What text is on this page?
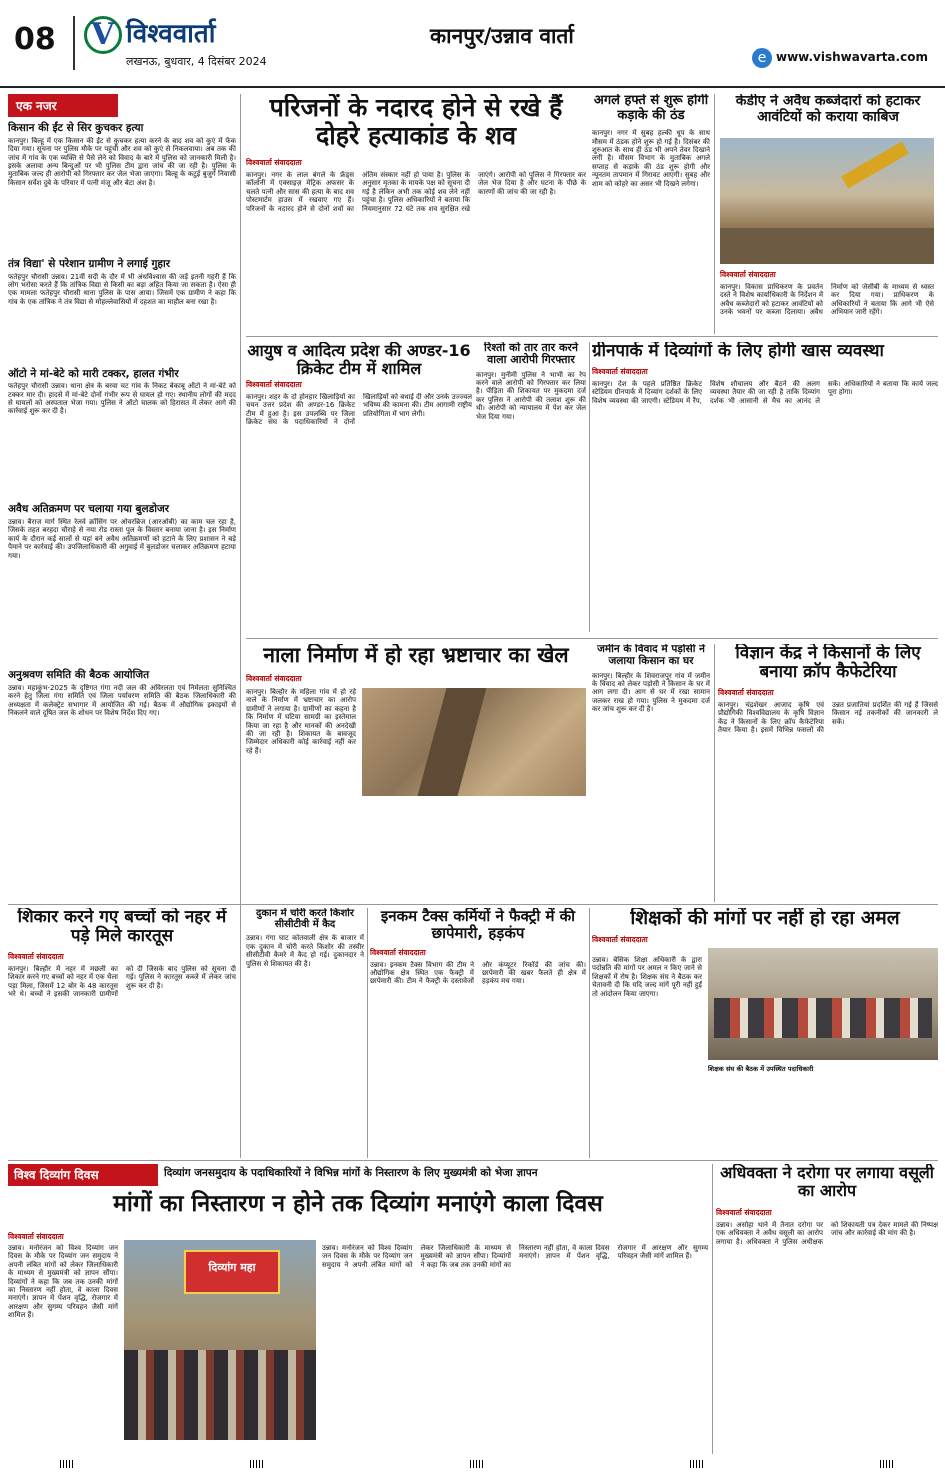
08 V विश्ववार्ता
लखनऊ, बुधवार, 4 दिसंबर 2024
कानपुर/उन्नाव वार्ता
e www.vishwavarta.com
एक नजर
किसान की ईंट से सिर कुचकर हत्या
कानपुर। बिल्हू में एक किसान की ईंट से कुचकर हत्या करने के बाद शव को कुएं में फेंक दिया गया। सूचना पर पुलिस मौके पर पहुंची और शव को कुएं से निकलवाया। अब तक की जांच में गांव के एक व्यक्ति से पैसे लेने को विवाद के बारे में पुलिस को जानकारी मिली है। इसके अलावा अन्य बिन्दुओं पर भी पुलिस टीम द्वारा जांच की जा रही है। पुलिस के मुताबिक जल्द ही आरोपी को गिरफ्तार कर जेल भेजा जाएगा। बिल्हू के कटुई बुजुर्ग निवासी किसान सर्वेश दुबे के परिवार में पत्नी मंजू और बेटा अंश है।
तंत्र विद्या' से परेशान ग्रामीण ने लगाई गुहार
फतेहपुर चौरासी उन्नाव। 21वीं सदी के दौर में भी अंधविश्वास की जड़ें इतनी गहरी हैं कि लोग भरोसा करते हैं कि तांत्रिक विद्या से किसी का बड़ा अहित किया जा सकता है। ऐसा ही एक मामला फतेहपुर चौरासी थाना पुलिस के पास आया। जिसमें एक ग्रामीण ने कहा कि गांव के एक तांत्रिक ने तंत्र विद्या से मोहल्लेवासियों में दहशत का माहौल बना रखा है।
ऑटो ने मां-बेटे को मारी टक्कर, हालत गंभीर
फतेहपुर चौरासी उन्नाव। थाना क्षेत्र के बरवा चट गांव के निकट बेकाबू ऑटो ने मां-बेटे को टक्कर मार दी। हादसे में मां-बेटे दोनों गंभीर रूप से घायल हो गए। स्थानीय लोगों की मदद से घायलों को अस्पताल भेजा गया। पुलिस ने ऑटो चालक को हिरासत में लेकर आगे की कार्रवाई शुरू कर दी है।
अवैध अतिक्रमण पर चलाया गया बुलडोजर
उन्नाव। बैराज मार्ग स्थित रेलवे क्रॉसिंग पर ओवरब्रिज (आरओबी) का काम चल रहा है, जिसके तहत बरहदा चौराहे से नया रोड रास्ता पुल के विस्तार बनाया जाना है। इस निर्माण कार्य के दौरान कई सालों से यहां बने अवैध अतिक्रमणों को हटाने के लिए प्रशासन ने बड़े पैमाने पर कार्रवाई की। उपजिलाधिकारी की अगुवाई में बुलडोजर चलाकर अतिक्रमण हटाया गया।
अनुश्रवण समिति की बैठक आयोजित
उन्नाव। महाकुंभ-2025 के दृष्टिगत गंगा नदी जल की अविरलता एवं निर्मलता सुनिश्चित करने हेतु जिला गंगा समिति एवं जिला पर्यावरण समिति की बैठक जिलाधिकारी की अध्यक्षता में कलेक्ट्रेट सभागार में आयोजित की गई। बैठक में औद्योगिक इकाइयों से निकलने वाले दूषित जल के शोधन पर विशेष निर्देश दिए गए।
परिजनों के नदारद होने से रखे हैं दोहरे हत्याकांड के शव
विश्ववार्ता संवाददाता
कानपुर। नगर के लाल बंगले के फ्रेंड्स कॉलोनी में एक्साइज़ मेट्रिक अफसर के चलते पत्नी और सास की हत्या के बाद शव पोस्टमार्टम हाउस में रखवाए गए हैं। परिजनों के नदारद होने से दोनों शवों का अंतिम संस्कार नहीं हो पाया है। पुलिस के अनुसार मृतका के मायके पक्ष को सूचना दी गई है लेकिन अभी तक कोई शव लेने नहीं पहुंचा है। पुलिस अधिकारियों ने बताया कि नियमानुसार 72 घंटे तक शव सुरक्षित रखे जाएंगे। आरोपी को पुलिस ने गिरफ्तार कर जेल भेज दिया है और घटना के पीछे के कारणों की जांच की जा रही है।
अगले हफ्ते से शुरू होगी कड़ाके की ठंड
कानपुर। नगर में सुबह हल्की धूप के साथ मौसम में ठंडक होने शुरू हो गई है। दिसंबर की शुरुआत के साथ ही ठंड भी अपने तेवर दिखाने लगी है। मौसम विभाग के मुताबिक अगले सप्ताह से कड़ाके की ठंड शुरू होगी और न्यूनतम तापमान में गिरावट आएगी। सुबह और शाम को कोहरे का असर भी दिखने लगेगा।
केडीए ने अवैध कब्जेदारों को हटाकर आवंटियों को कराया काबिज
विश्ववार्ता संवाददाता
कानपुर। विकास प्राधिकरण के प्रवर्तन दस्ते ने विशेष कार्याधिकारी के निर्देशन में अवैध कब्जेदारों को हटाकर आवंटियों को उनके भवनों पर कब्जा दिलाया। अवैध निर्माण को जेसीबी के माध्यम से ध्वस्त कर दिया गया। प्राधिकरण के अधिकारियों ने बताया कि आगे भी ऐसे अभियान जारी रहेंगे।
आयुष व आदित्य प्रदेश की अण्डर-16 क्रिकेट टीम में शामिल
विश्ववार्ता संवाददाता
कानपुर। शहर के दो होनहार खिलाड़ियों का चयन उत्तर प्रदेश की अण्डर-16 क्रिकेट टीम में हुआ है। इस उपलब्धि पर जिला क्रिकेट संघ के पदाधिकारियों ने दोनों खिलाड़ियों को बधाई दी और उनके उज्ज्वल भविष्य की कामना की। टीम आगामी राष्ट्रीय प्रतियोगिता में भाग लेगी।
रिश्तो को तार तार करने वाला आरोपी गिरफ्तार
कानपुर। मुनीमी पुलिस ने भाभी का रेप करने वाले आरोपी को गिरफ्तार कर लिया है। पीड़िता की शिकायत पर मुकदमा दर्ज कर पुलिस ने आरोपी की तलाश शुरू की थी। आरोपी को न्यायालय में पेश कर जेल भेज दिया गया।
ग्रीनपार्क में दिव्यांगों के लिए होगी खास व्यवस्था
विश्ववार्ता संवाददाता
कानपुर। देश के पहले प्रतिष्ठित क्रिकेट स्टेडियम ग्रीनपार्क में दिव्यांग दर्शकों के लिए विशेष व्यवस्था की जाएगी। स्टेडियम में रैंप, विशेष शौचालय और बैठने की अलग व्यवस्था तैयार की जा रही है ताकि दिव्यांग दर्शक भी आसानी से मैच का आनंद ले सकें। अधिकारियों ने बताया कि कार्य जल्द पूरा होगा।
नाला निर्माण में हो रहा भ्रष्टाचार का खेल
विश्ववार्ता संवाददाता
कानपुर। बिल्हौर के महिला गांव में हो रहे नाले के निर्माण में भ्रष्टाचार का आरोप ग्रामीणों ने लगाया है। ग्रामीणों का कहना है कि निर्माण में घटिया सामग्री का इस्तेमाल किया जा रहा है और मानकों की अनदेखी की जा रही है। शिकायत के बावजूद जिम्मेदार अधिकारी कोई कार्रवाई नहीं कर रहे हैं।
जमीन के विवाद में पड़ोसी ने जलाया किसान का घर
कानपुर। बिल्हौर के शिवराजपुर गांव में जमीन के विवाद को लेकर पड़ोसी ने किसान के घर में आग लगा दी। आग से घर में रखा सामान जलकर राख हो गया। पुलिस ने मुकदमा दर्ज कर जांच शुरू कर दी है।
विज्ञान केंद्र ने किसानों के लिए बनाया क्रॉप कैफेटेरिया
विश्ववार्ता संवाददाता
कानपुर। चंद्रशेखर आजाद कृषि एवं प्रौद्योगिकी विश्वविद्यालय के कृषि विज्ञान केंद्र ने किसानों के लिए क्रॉप कैफेटेरिया तैयार किया है। इसमें विभिन्न फसलों की उन्नत प्रजातियां प्रदर्शित की गई हैं जिससे किसान नई तकनीकों की जानकारी ले सकें।
शिकार करने गए बच्चों को नहर में पड़े मिले कारतूस
विश्ववार्ता संवाददाता
कानपुर। बिल्हौर में नहर में मछली का शिकार करने गए बच्चों को नहर में एक थैला पड़ा मिला, जिसमें 12 बोर के 48 कारतूस भरे थे। बच्चों ने इसकी जानकारी ग्रामीणों को दी जिसके बाद पुलिस को सूचना दी गई। पुलिस ने कारतूस कब्जे में लेकर जांच शुरू कर दी है।
दुकान में चोरी करते किशोर सीसीटीवी में कैद
उन्नाव। गंगा घाट कोतवाली क्षेत्र के बाजार में एक दुकान में चोरी करते किशोर की तस्वीर सीसीटीवी कैमरे में कैद हो गई। दुकानदार ने पुलिस से शिकायत की है।
इनकम टैक्स कर्मियों ने फैक्ट्री में की छापेमारी, हड़कंप
विश्ववार्ता संवाददाता
उन्नाव। इनकम टैक्स विभाग की टीम ने औद्योगिक क्षेत्र स्थित एक फैक्ट्री में छापेमारी की। टीम ने फैक्ट्री के दस्तावेजों और कंप्यूटर रिकॉर्ड की जांच की। छापेमारी की खबर फैलते ही क्षेत्र में हड़कंप मच गया।
शिक्षकों की मांगों पर नहीं हो रहा अमल
विश्ववार्ता संवाददाता
उन्नाव। बेसिक शिक्षा अधिकारी के द्वारा पदोन्नति की मांगों पर अमल न किए जाने से शिक्षकों में रोष है। शिक्षक संघ ने बैठक कर चेतावनी दी कि यदि जल्द मांगें पूरी नहीं हुईं तो आंदोलन किया जाएगा।
शिक्षक संघ की बैठक में उपस्थित पदाधिकारी
विश्व दिव्यांग दिवस	दिव्यांग जनसमुदाय के पदाधिकारियों ने विभिन्न मांगों के निस्तारण के लिए मुख्यमंत्री को भेजा ज्ञापन
मांगों का निस्तारण न होने तक दिव्यांग मनाएंगे काला दिवस
विश्ववार्ता संवाददाता
उन्नाव। मनोरंजन को विश्व दिव्यांग जन दिवस के मौके पर दिव्यांग जन समुदाय ने अपनी लंबित मांगों को लेकर जिलाधिकारी के माध्यम से मुख्यमंत्री को ज्ञापन सौंपा। दिव्यांगों ने कहा कि जब तक उनकी मांगों का निस्तारण नहीं होता, वे काला दिवस मनाएंगे। ज्ञापन में पेंशन वृद्धि, रोजगार में आरक्षण और सुगम्य परिवहन जैसी मांगें शामिल हैं।
दिव्यांग महा
उन्नाव। मनोरंजन को विश्व दिव्यांग जन दिवस के मौके पर दिव्यांग जन समुदाय ने अपनी लंबित मांगों को लेकर जिलाधिकारी के माध्यम से मुख्यमंत्री को ज्ञापन सौंपा। दिव्यांगों ने कहा कि जब तक उनकी मांगों का निस्तारण नहीं होता, वे काला दिवस मनाएंगे। ज्ञापन में पेंशन वृद्धि, रोजगार में आरक्षण और सुगम्य परिवहन जैसी मांगें शामिल हैं।
अधिवक्ता ने दरोगा पर लगाया वसूली का आरोप
विश्ववार्ता संवाददाता
उन्नाव। असोहा थाने में तैनात दरोगा पर एक अधिवक्ता ने अवैध वसूली का आरोप लगाया है। अधिवक्ता ने पुलिस अधीक्षक को शिकायती पत्र देकर मामले की निष्पक्ष जांच और कार्रवाई की मांग की है।
